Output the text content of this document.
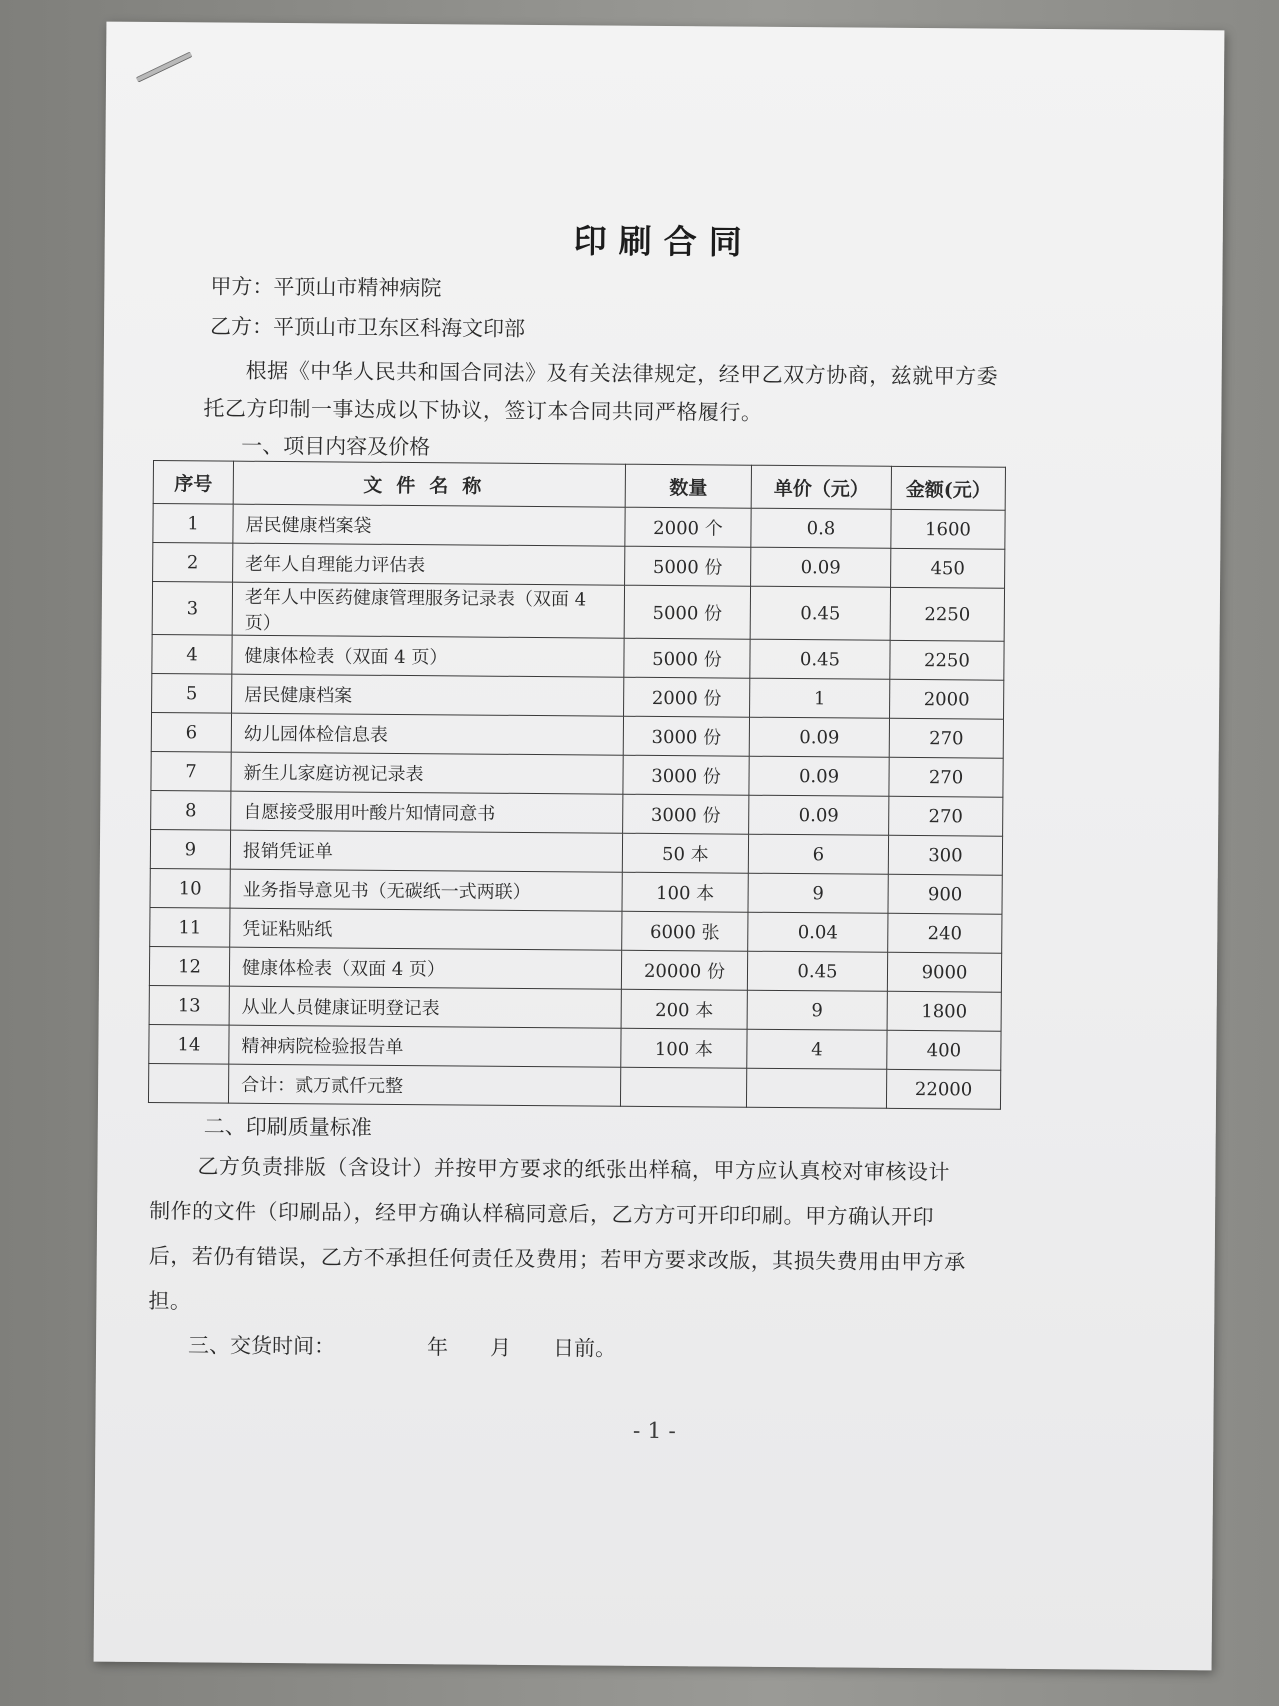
印刷合同
甲方：平顶山市精神病院
乙方：平顶山市卫东区科海文印部
根据《中华人民共和国合同法》及有关法律规定，经甲乙双方协商，兹就甲方委
托乙方印制一事达成以下协议，签订本合同共同严格履行。
一、项目内容及价格
序号	文件名称	数量	单价（元）	金额(元）
1	居民健康档案袋	2000 个	0.8	1600
2	老年人自理能力评估表	5000 份	0.09	450
3	老年人中医药健康管理服务记录表（双面 4 页）	5000 份	0.45	2250
4	健康体检表（双面 4 页）	5000 份	0.45	2250
5	居民健康档案	2000 份	1	2000
6	幼儿园体检信息表	3000 份	0.09	270
7	新生儿家庭访视记录表	3000 份	0.09	270
8	自愿接受服用叶酸片知情同意书	3000 份	0.09	270
9	报销凭证单	50 本	6	300
10	业务指导意见书（无碳纸一式两联）	100 本	9	900
11	凭证粘贴纸	6000 张	0.04	240
12	健康体检表（双面 4 页）	20000 份	0.45	9000
13	从业人员健康证明登记表	200 本	9	1800
14	精神病院检验报告单	100 本	4	400
	合计：贰万贰仟元整			22000
二、印刷质量标准
乙方负责排版（含设计）并按甲方要求的纸张出样稿，甲方应认真校对审核设计制作的文件（印刷品），经甲方确认样稿同意后，乙方方可开印印刷。甲方确认开印后，若仍有错误，乙方不承担任何责任及费用；若甲方要求改版，其损失费用由甲方承担。
三、交货时间：	年　　月　　日前。
- 1 -
